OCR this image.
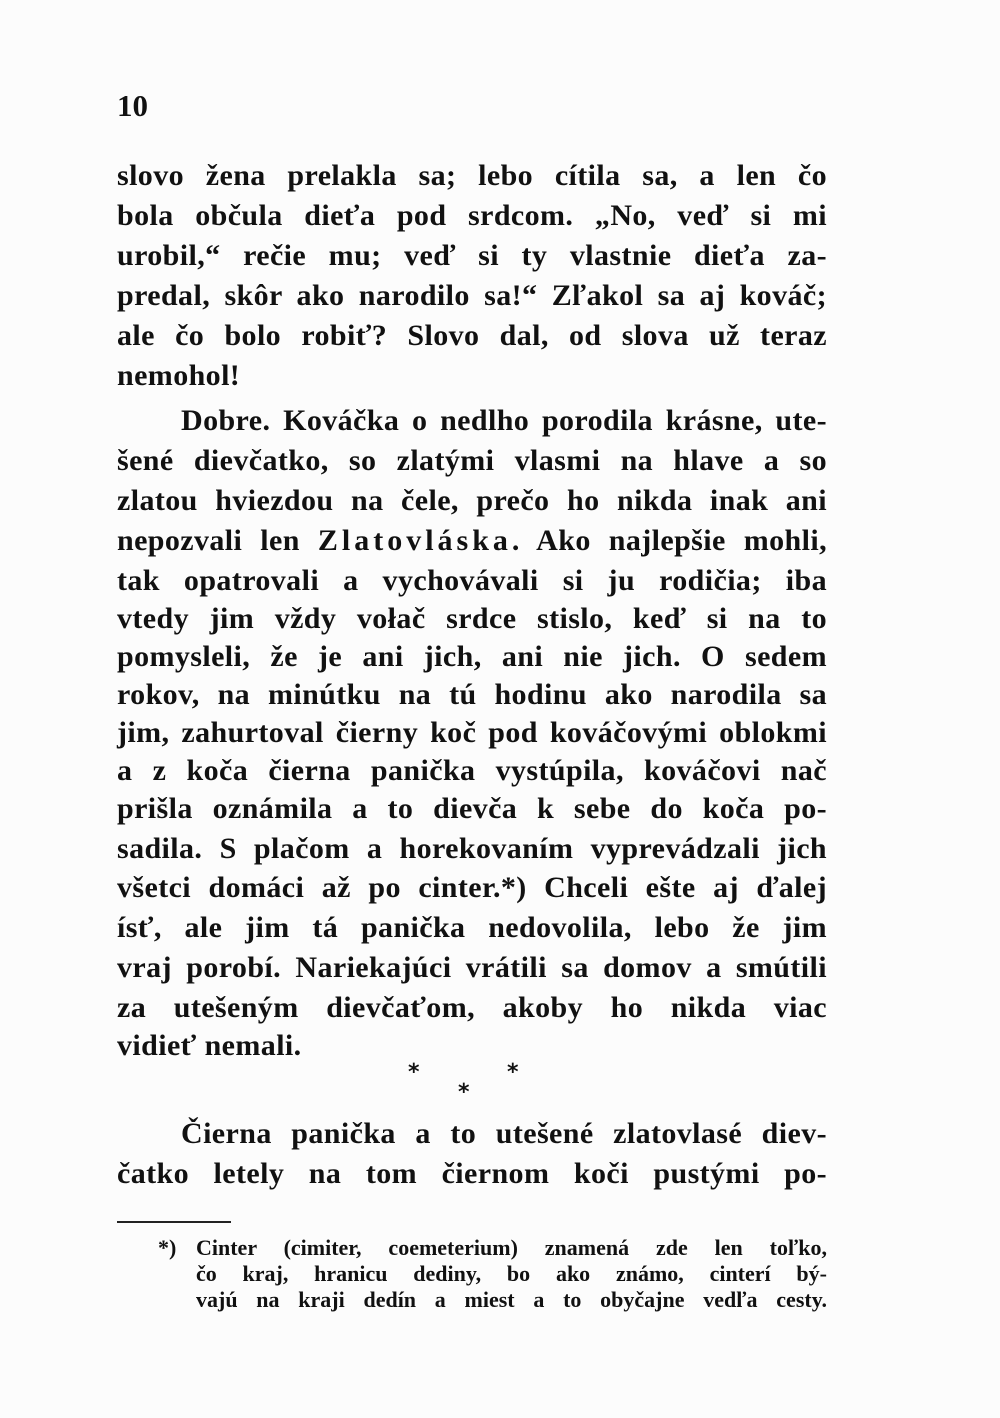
10
slovo žena prelakla sa; lebo cítila sa, a len čo
bola občula dieťa pod srdcom. „No, veď si mi
urobil,“ rečie mu; veď si ty vlastnie dieťa za-
predal, skôr ako narodilo sa!“ Zľakol sa aj kováč;
ale čo bolo robiť? Slovo dal, od slova už teraz
nemohol!
Dobre. Kováčka o nedlho porodila krásne, ute-
šené dievčatko, so zlatými vlasmi na hlave a so
zlatou hviezdou na čele, prečo ho nikda inak ani
nepozvali len Zlatovláska. Ako najlepšie mohli,
tak opatrovali a vychovávali si ju rodičia; iba
vtedy jim vždy vołač srdce stislo, keď si na to
pomysleli, že je ani jich, ani nie jich. O sedem
rokov, na minútku na tú hodinu ako narodila sa
jim, zahurtoval čierny koč pod kováčovými oblokmi
a z koča čierna panička vystúpila, kováčovi nač
prišla oznámila a to dievča k sebe do koča po-
sadila. S plačom a horekovaním vyprevádzali jich
všetci domáci až po cinter.*) Chceli ešte aj ďalej
ísť, ale jim tá panička nedovolila, lebo že jim
vraj porobí. Nariekajúci vrátili sa domov a smútili
za utešeným dievčaťom, akoby ho nikda viac
vidieť nemali.
*	*
*
Čierna panička a to utešené zlatovlasé diev-
čatko letely na tom čiernom koči pustými po-
*) Cinter (cimiter, coemeterium) znamená zde len toľko,
čo kraj, hranicu dediny, bo ako známo, cinterí bý-
vajú na kraji dedín a miest a to obyčajne vedľa cesty.
